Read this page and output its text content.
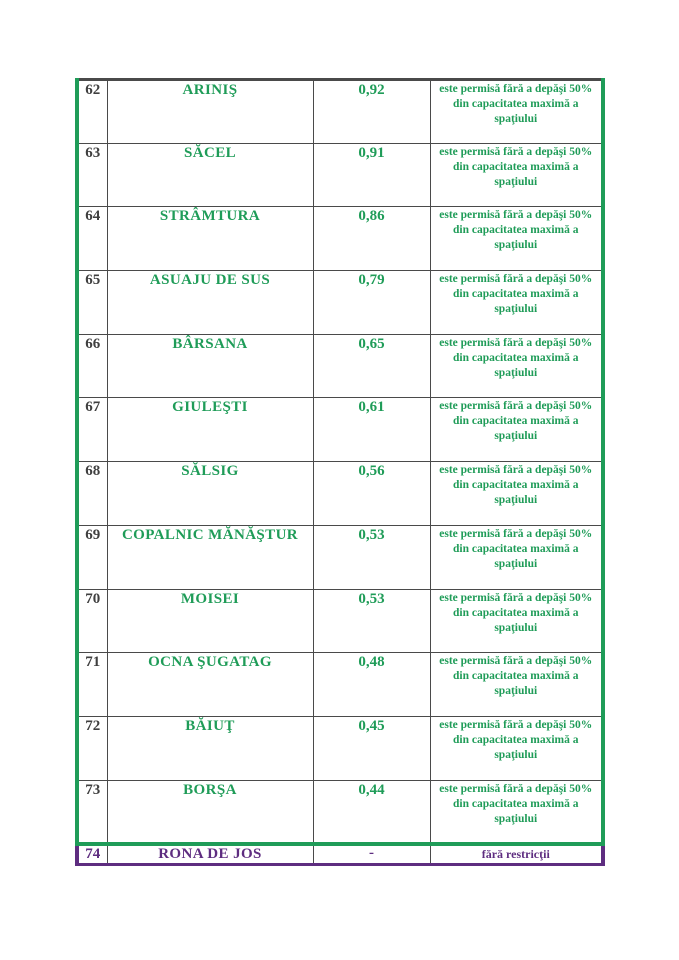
62	ARINIŞ	0,92	este permisă fără a depăşi 50% din capacitatea maximă a spaţiului
63	SĂCEL	0,91	este permisă fără a depăşi 50% din capacitatea maximă a spaţiului
64	STRÂMTURA	0,86	este permisă fără a depăşi 50% din capacitatea maximă a spaţiului
65	ASUAJU DE SUS	0,79	este permisă fără a depăşi 50% din capacitatea maximă a spaţiului
66	BÂRSANA	0,65	este permisă fără a depăşi 50% din capacitatea maximă a spaţiului
67	GIULEŞTI	0,61	este permisă fără a depăşi 50% din capacitatea maximă a spaţiului
68	SĂLSIG	0,56	este permisă fără a depăşi 50% din capacitatea maximă a spaţiului
69	COPALNIC MĂNĂŞTUR	0,53	este permisă fără a depăşi 50% din capacitatea maximă a spaţiului
70	MOISEI	0,53	este permisă fără a depăşi 50% din capacitatea maximă a spaţiului
71	OCNA ŞUGATAG	0,48	este permisă fără a depăşi 50% din capacitatea maximă a spaţiului
72	BĂIUŢ	0,45	este permisă fără a depăşi 50% din capacitatea maximă a spaţiului
73	BORŞA	0,44	este permisă fără a depăşi 50% din capacitatea maximă a spaţiului
74	RONA DE JOS	-	fără restricţii
